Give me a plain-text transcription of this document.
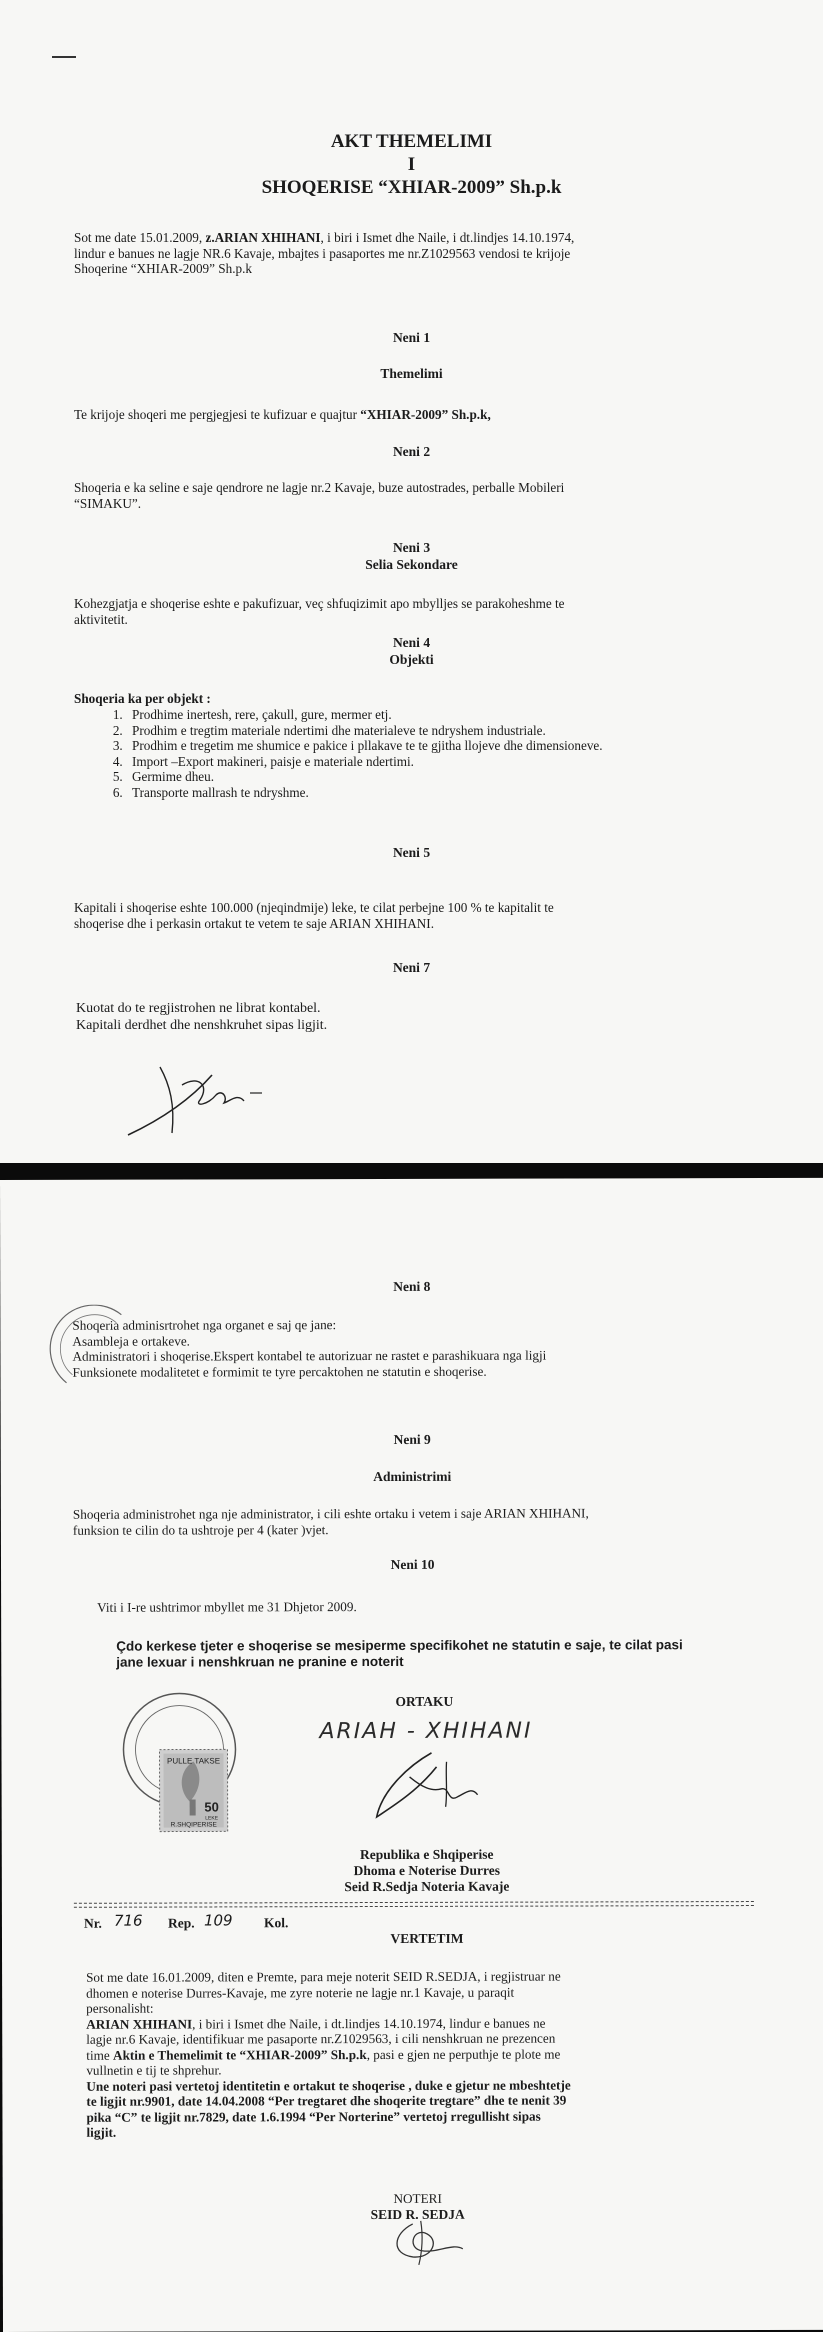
AKT THEMELIMI
I
SHOQERISE “XHIAR-2009” Sh.p.k
Sot me date 15.01.2009, z.ARIAN XHIHANI, i biri i Ismet dhe Naile, i dt.lindjes 14.10.1974,
lindur e banues ne lagje NR.6 Kavaje, mbajtes i pasaportes me nr.Z1029563 vendosi te krijoje
Shoqerine “XHIAR-2009” Sh.p.k
Neni 1
Themelimi
Te krijoje shoqeri me pergjegjesi te kufizuar e quajtur “XHIAR-2009” Sh.p.k,
Neni 2
Shoqeria e ka seline e saje qendrore ne lagje nr.2 Kavaje, buze autostrades, perballe Mobileri
“SIMAKU”.
Neni 3
Selia Sekondare
Kohezgjatja e shoqerise eshte e pakufizuar, veç shfuqizimit apo mbylljes se parakoheshme te
aktivitetit.
Neni 4
Objekti
Shoqeria ka per objekt :
1. Prodhime inertesh, rere, çakull, gure, mermer etj.
2. Prodhim e tregtim materiale ndertimi dhe materialeve te ndryshem industriale.
3. Prodhim e tregetim me shumice e pakice i pllakave te te gjitha llojeve dhe dimensioneve.
4. Import –Export makineri, paisje e materiale ndertimi.
5. Germime dheu.
6. Transporte mallrash te ndryshme.
Neni 5
Kapitali i shoqerise eshte 100.000 (njeqindmije) leke, te cilat perbejne 100 % te kapitalit te
shoqerise dhe i perkasin ortakut te vetem te saje ARIAN XHIHANI.
Neni 7
Kuotat do te regjistrohen ne librat kontabel.
Kapitali derdhet dhe nenshkruhet sipas ligjit.
Neni 8
Shoqeria adminisrtrohet nga organet e saj qe jane:
Asambleja e ortakeve.
Administratori i shoqerise.Ekspert kontabel te autorizuar ne rastet e parashikuara nga ligji
Funksionete modalitetet e formimit te tyre percaktohen ne statutin e shoqerise.
Neni 9
Administrimi
Shoqeria administrohet nga nje administrator, i cili eshte ortaku i vetem i saje ARIAN XHIHANI,
funksion te cilin do ta ushtroje per 4 (kater )vjet.
Neni 10
Viti i I-re ushtrimor mbyllet me 31 Dhjetor 2009.
Çdo kerkese tjeter e shoqerise se mesiperme specifikohet ne statutin e saje, te cilat pasi
jane lexuar i nenshkruan ne pranine e noterit
ORTAKU
ARIAH - XHIHANI
PULLE TAKSE
50
LEKE
R.SHQIPERISE
Republika e Shqiperise
Dhoma e Noterise Durres
Seid R.Sedja Noteria Kavaje
Nr. 716 Rep. 109 Kol.
VERTETIM
Sot me date 16.01.2009, diten e Premte, para meje noterit SEID R.SEDJA, i regjistruar ne
dhomen e noterise Durres-Kavaje, me zyre noterie ne lagje nr.1 Kavaje, u paraqit
personalisht:
ARIAN XHIHANI, i biri i Ismet dhe Naile, i dt.lindjes 14.10.1974, lindur e banues ne
lagje nr.6 Kavaje, identifikuar me pasaporte nr.Z1029563, i cili nenshkruan ne prezencen
time Aktin e Themelimit te “XHIAR-2009” Sh.p.k, pasi e gjen ne perputhje te plote me
vullnetin e tij te shprehur.
Une noteri pasi vertetoj identitetin e ortakut te shoqerise , duke e gjetur ne mbeshtetje
te ligjit nr.9901, date 14.04.2008 “Per tregtaret dhe shoqerite tregtare” dhe te nenit 39
pika “C” te ligjit nr.7829, date 1.6.1994 “Per Norterine” vertetoj rregullisht sipas
ligjit.
NOTERI
SEID R. SEDJA
